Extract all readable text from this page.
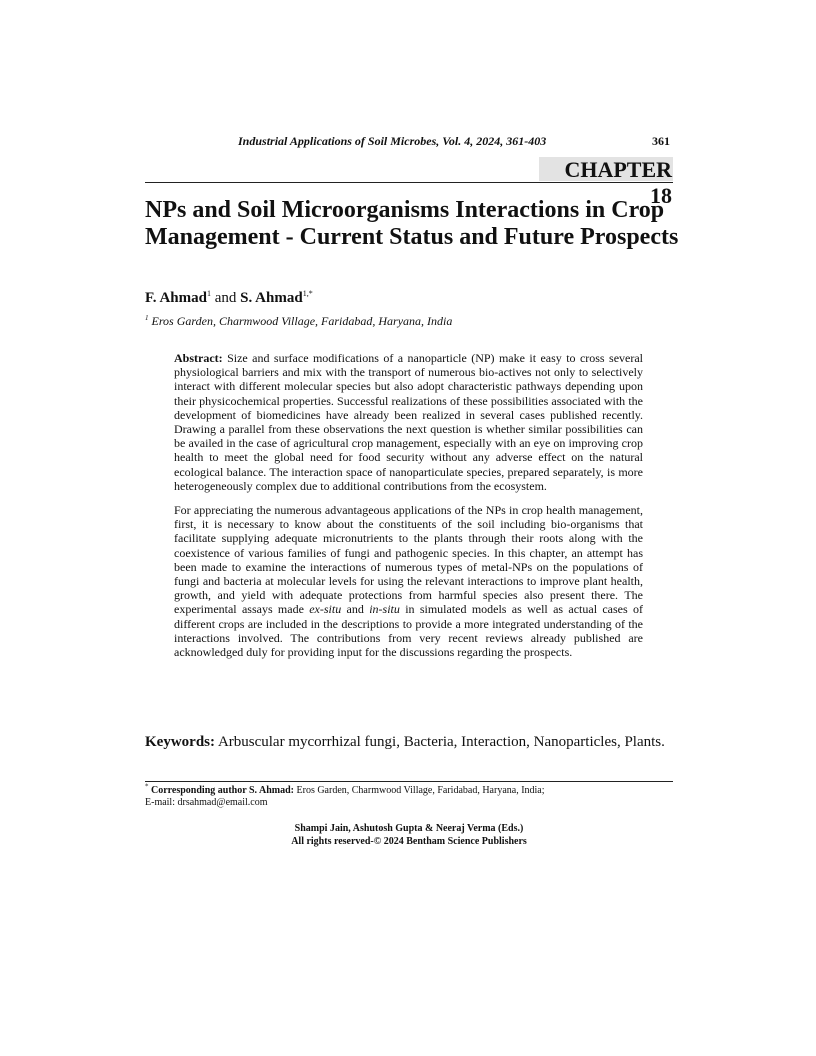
Industrial Applications of Soil Microbes, Vol. 4, 2024, 361-403	361
CHAPTER 18
NPs and Soil Microorganisms Interactions in Crop Management - Current Status and Future Prospects
F. Ahmad$^1$ and S. Ahmad$^{1,*}$
$^1$ Eros Garden, Charmwood Village, Faridabad, Haryana, India

Abstract: Size and surface modifications of a nanoparticle (NP) make it easy to cross several physiological barriers and mix with the transport of numerous bio-actives not only to selectively interact with different molecular species but also adopt characteristic pathways depending upon their physicochemical properties. Successful realizations of these possibilities associated with the development of biomedicines have already been realized in several cases published recently. Drawing a parallel from these observations the next question is whether similar possibilities can be availed in the case of agricultural crop management, especially with an eye on improving crop health to meet the global need for food security without any adverse effect on the natural ecological balance. The interaction space of nanoparticulate species, prepared separately, is more heterogeneously complex due to additional contributions from the ecosystem.

For appreciating the numerous advantageous applications of the NPs in crop health management, first, it is necessary to know about the constituents of the soil including bio-organisms that facilitate supplying adequate micronutrients to the plants through their roots along with the coexistence of various families of fungi and pathogenic species. In this chapter, an attempt has been made to examine the interactions of numerous types of metal-NPs on the populations of fungi and bacteria at molecular levels for using the relevant interactions to improve plant health, growth, and yield with adequate protections from harmful species also present there. The experimental assays made ex-situ and in-situ in simulated models as well as actual cases of different crops are included in the descriptions to provide a more integrated understanding of the interactions involved. The contributions from very recent reviews already published are acknowledged duly for providing input for the discussions regarding the prospects.

Keywords: Arbuscular mycorrhizal fungi, Bacteria, Interaction, Nanoparticles, Plants.
* Corresponding author S. Ahmad: Eros Garden, Charmwood Village, Faridabad, Haryana, India;
E-mail: drsahmad@email.com
Shampi Jain, Ashutosh Gupta & Neeraj Verma (Eds.)
All rights reserved-© 2024 Bentham Science Publishers
